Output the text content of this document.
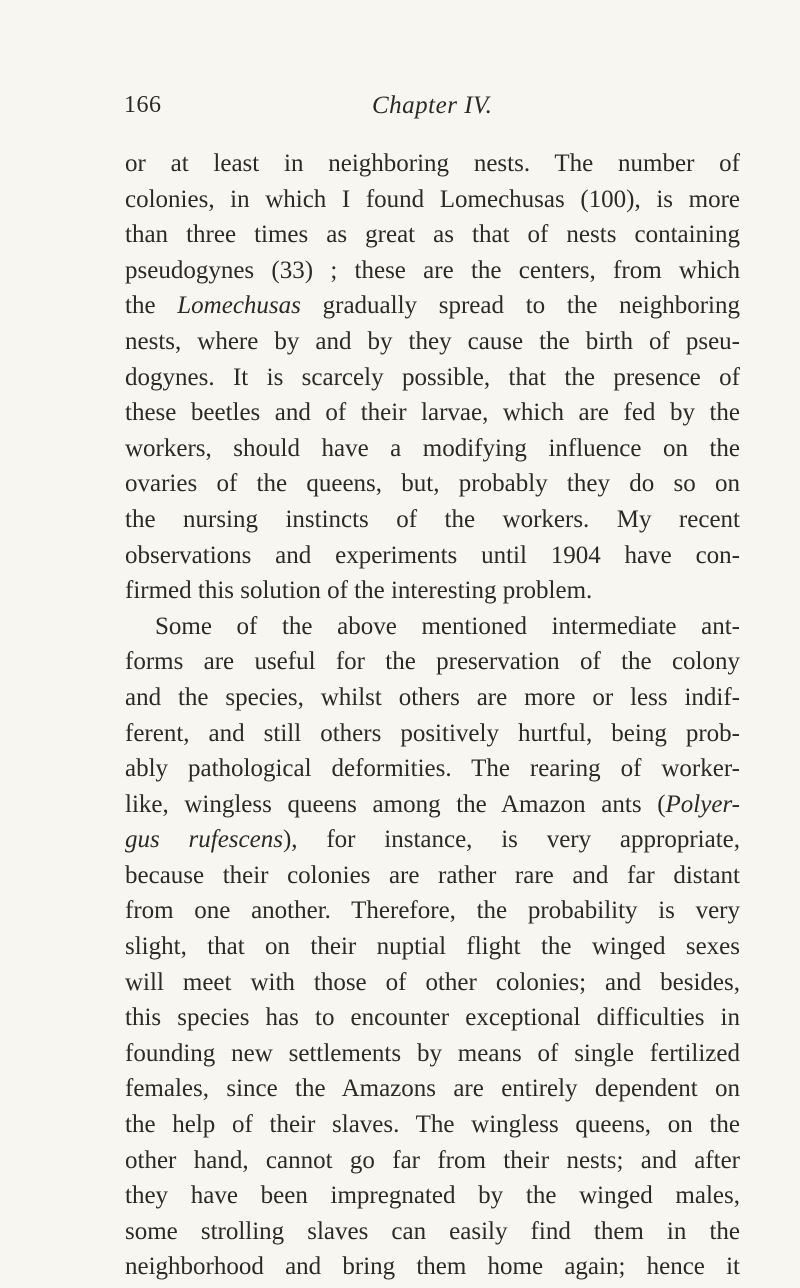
166	Chapter IV.
or at least in neighboring nests. The number of
colonies, in which I found Lomechusas (100), is more
than three times as great as that of nests containing
pseudogynes (33) ; these are the centers, from which
the Lomechusas gradually spread to the neighboring
nests, where by and by they cause the birth of pseu-
dogynes. It is scarcely possible, that the presence of
these beetles and of their larvae, which are fed by the
workers, should have a modifying influence on the
ovaries of the queens, but, probably they do so on
the nursing instincts of the workers. My recent
observations and experiments until 1904 have con-
firmed this solution of the interesting problem.
Some of the above mentioned intermediate ant-
forms are useful for the preservation of the colony
and the species, whilst others are more or less indif-
ferent, and still others positively hurtful, being prob-
ably pathological deformities. The rearing of worker-
like, wingless queens among the Amazon ants (Polyer-
gus rufescens), for instance, is very appropriate,
because their colonies are rather rare and far distant
from one another. Therefore, the probability is very
slight, that on their nuptial flight the winged sexes
will meet with those of other colonies; and besides,
this species has to encounter exceptional difficulties in
founding new settlements by means of single fertilized
females, since the Amazons are entirely dependent on
the help of their slaves. The wingless queens, on the
other hand, cannot go far from their nests; and after
they have been impregnated by the winged males,
some strolling slaves can easily find them in the
neighborhood and bring them home again; hence it
